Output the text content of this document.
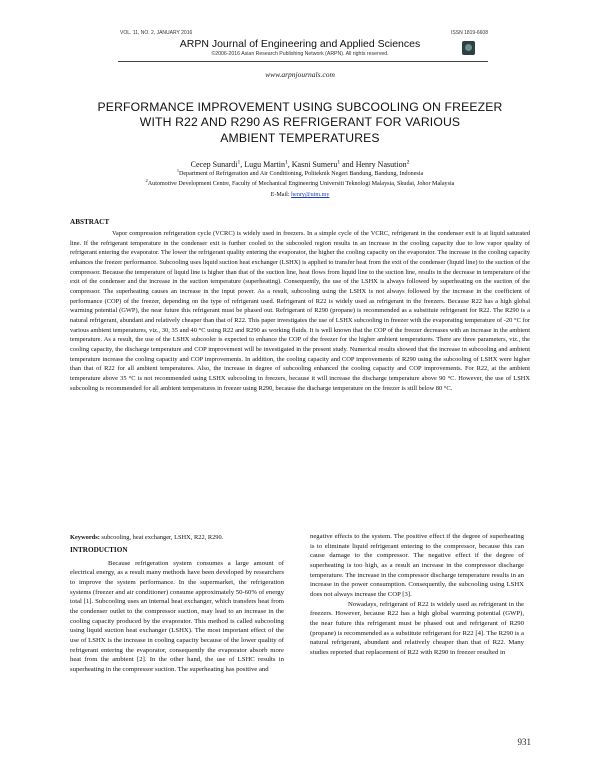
VOL. 11, NO. 2, JANUARY 2016	ISSN 1819-6608
ARPN Journal of Engineering and Applied Sciences
©2006-2016 Asian Research Publishing Network (ARPN). All rights reserved.
www.arpnjournals.com
PERFORMANCE IMPROVEMENT USING SUBCOOLING ON FREEZER
WITH R22 AND R290 AS REFRIGERANT FOR VARIOUS
AMBIENT TEMPERATURES
Cecep Sunardi$^1$, Lugu Martin$^1$, Kasni Sumeru$^1$ and Henry Nasution$^2$
$^1$Department of Refrigeration and Air Conditioning, Politeknik Negeri Bandung, Bandung, Indonesia
$^2$Automotive Development Centre, Faculty of Mechanical Engineering Universiti Teknologi Malaysia, Skudai, Johor Malaysia
E-Mail: henry@utm.my
ABSTRACT

Vapor compression refrigeration cycle (VCRC) is widely used in freezers. In a simple cycle of the VCRC, refrigerant in the condenser exit is at liquid saturated line. If the refrigerant temperature in the condenser exit is further cooled to the subcooled region results in an increase in the cooling capacity due to low vapor quality of refrigerant entering the evaporator. The lower the refrigerant quality entering the evaporator, the higher the cooling capacity on the evaporator. The increase in the cooling capacity enhances the freezer performance. Subcooling uses liquid suction heat exchanger (LSHX) is applied to transfer heat from the exit of the condenser (liquid line) to the suction of the compressor. Because the temperature of liquid line is higher than that of the suction line, heat flows from liquid line to the suction line, results in the decrease in temperature of the exit of the condenser and the increase in the suction temperature (superheating). Consequently, the use of the LSHX is always followed by superheating on the suction of the compressor. The superheating causes an increase in the input power. As a result, subcooling using the LSHX is not always followed by the increase in the coefficient of performance (COP) of the freezer, depending on the type of refrigerant used. Refrigerant of R22 is widely used as refrigerant in the freezers. Because R22 has a high global warming potential (GWP), the near future this refrigerant must be phased out. Refrigerant of R290 (propane) is recommended as a substitute refrigerant for R22. The R290 is a natural refrigerant, abundant and relatively cheaper than that of R22. This paper investigates the use of LSHX subcooling in freezer with the evaporating temperature of -20 °C for various ambient temperatures, viz., 30, 35 and 40 °C using R22 and R290 as working fluids. It is well known that the COP of the freezer decreases with an increase in the ambient temperature. As a result, the use of the LSHX subcooler is expected to enhance the COP of the freezer for the higher ambient temperatures. There are three parameters, viz., the cooling capacity, the discharge temperature and COP improvement will be investigated in the present study. Numerical results showed that the increase in subcooling and ambient temperature increase the cooling capacity and COP improvements. In addition, the cooling capacity and COP improvements of R290 using the subcooling of LSHX were higher than that of R22 for all ambient temperatures. Also, the increase in degree of subcooling enhanced the cooling capacity and COP improvements. For R22, at the ambient temperature above 35 °C is not recommended using LSHX subcooling in freezers, because it will increase the discharge temperature above 90 °C. However, the use of LSHX subcooling is recommended for all ambient temperatures in freezer using R290, because the discharge temperature on the freezer is still below 80 °C.

Keywords: subcooling, heat exchanger, LSHX, R22, R290.
INTRODUCTION

Because refrigeration system consumes a large amount of electrical energy, as a result many methods have been developed by researchers to improve the system performance. In the supermarket, the refrigeration systems (freezer and air conditioner) consume approximately 50-60% of energy total [1]. Subcooling uses an internal heat exchanger, which transfers heat from the condenser outlet to the compressor suction, may lead to an increase in the cooling capacity produced by the evaporator. This method is called subcooling using liquid suction heat exchanger (LSHX). The most important effect of the use of LSHX is the increase in cooling capacity because of the lower quality of refrigerant entering the evaporator, consequently the evaporator absorb more heat from the ambient [2]. In the other hand, the use of LSHC results in superheating in the compressor suction. The superheating has positive and

negative effects to the system. The positive effect if the degree of superheating is to eliminate liquid refrigerant entering to the compressor, because this can cause damage to the compressor. The negative effect if the degree of superheating is too high, as a result an increase in the compressor discharge temperature. The increase in the compressor discharge temperature results in an increase in the power consumption. Consequently, the subcooling using LSHX does not always increase the COP [3].

Nowadays, refrigerant of R22 is widely used as refrigerant in the freezers. However, because R22 has a high global warming potential (GWP), the near future this refrigerant must be phased out and refrigerant of R290 (propane) is recommended as a substitute refrigerant for R22 [4]. The R290 is a natural refrigerant, abundant and relatively cheaper than that of R22. Many studies reported that replacement of R22 with R290 in freezer resulted in

931
